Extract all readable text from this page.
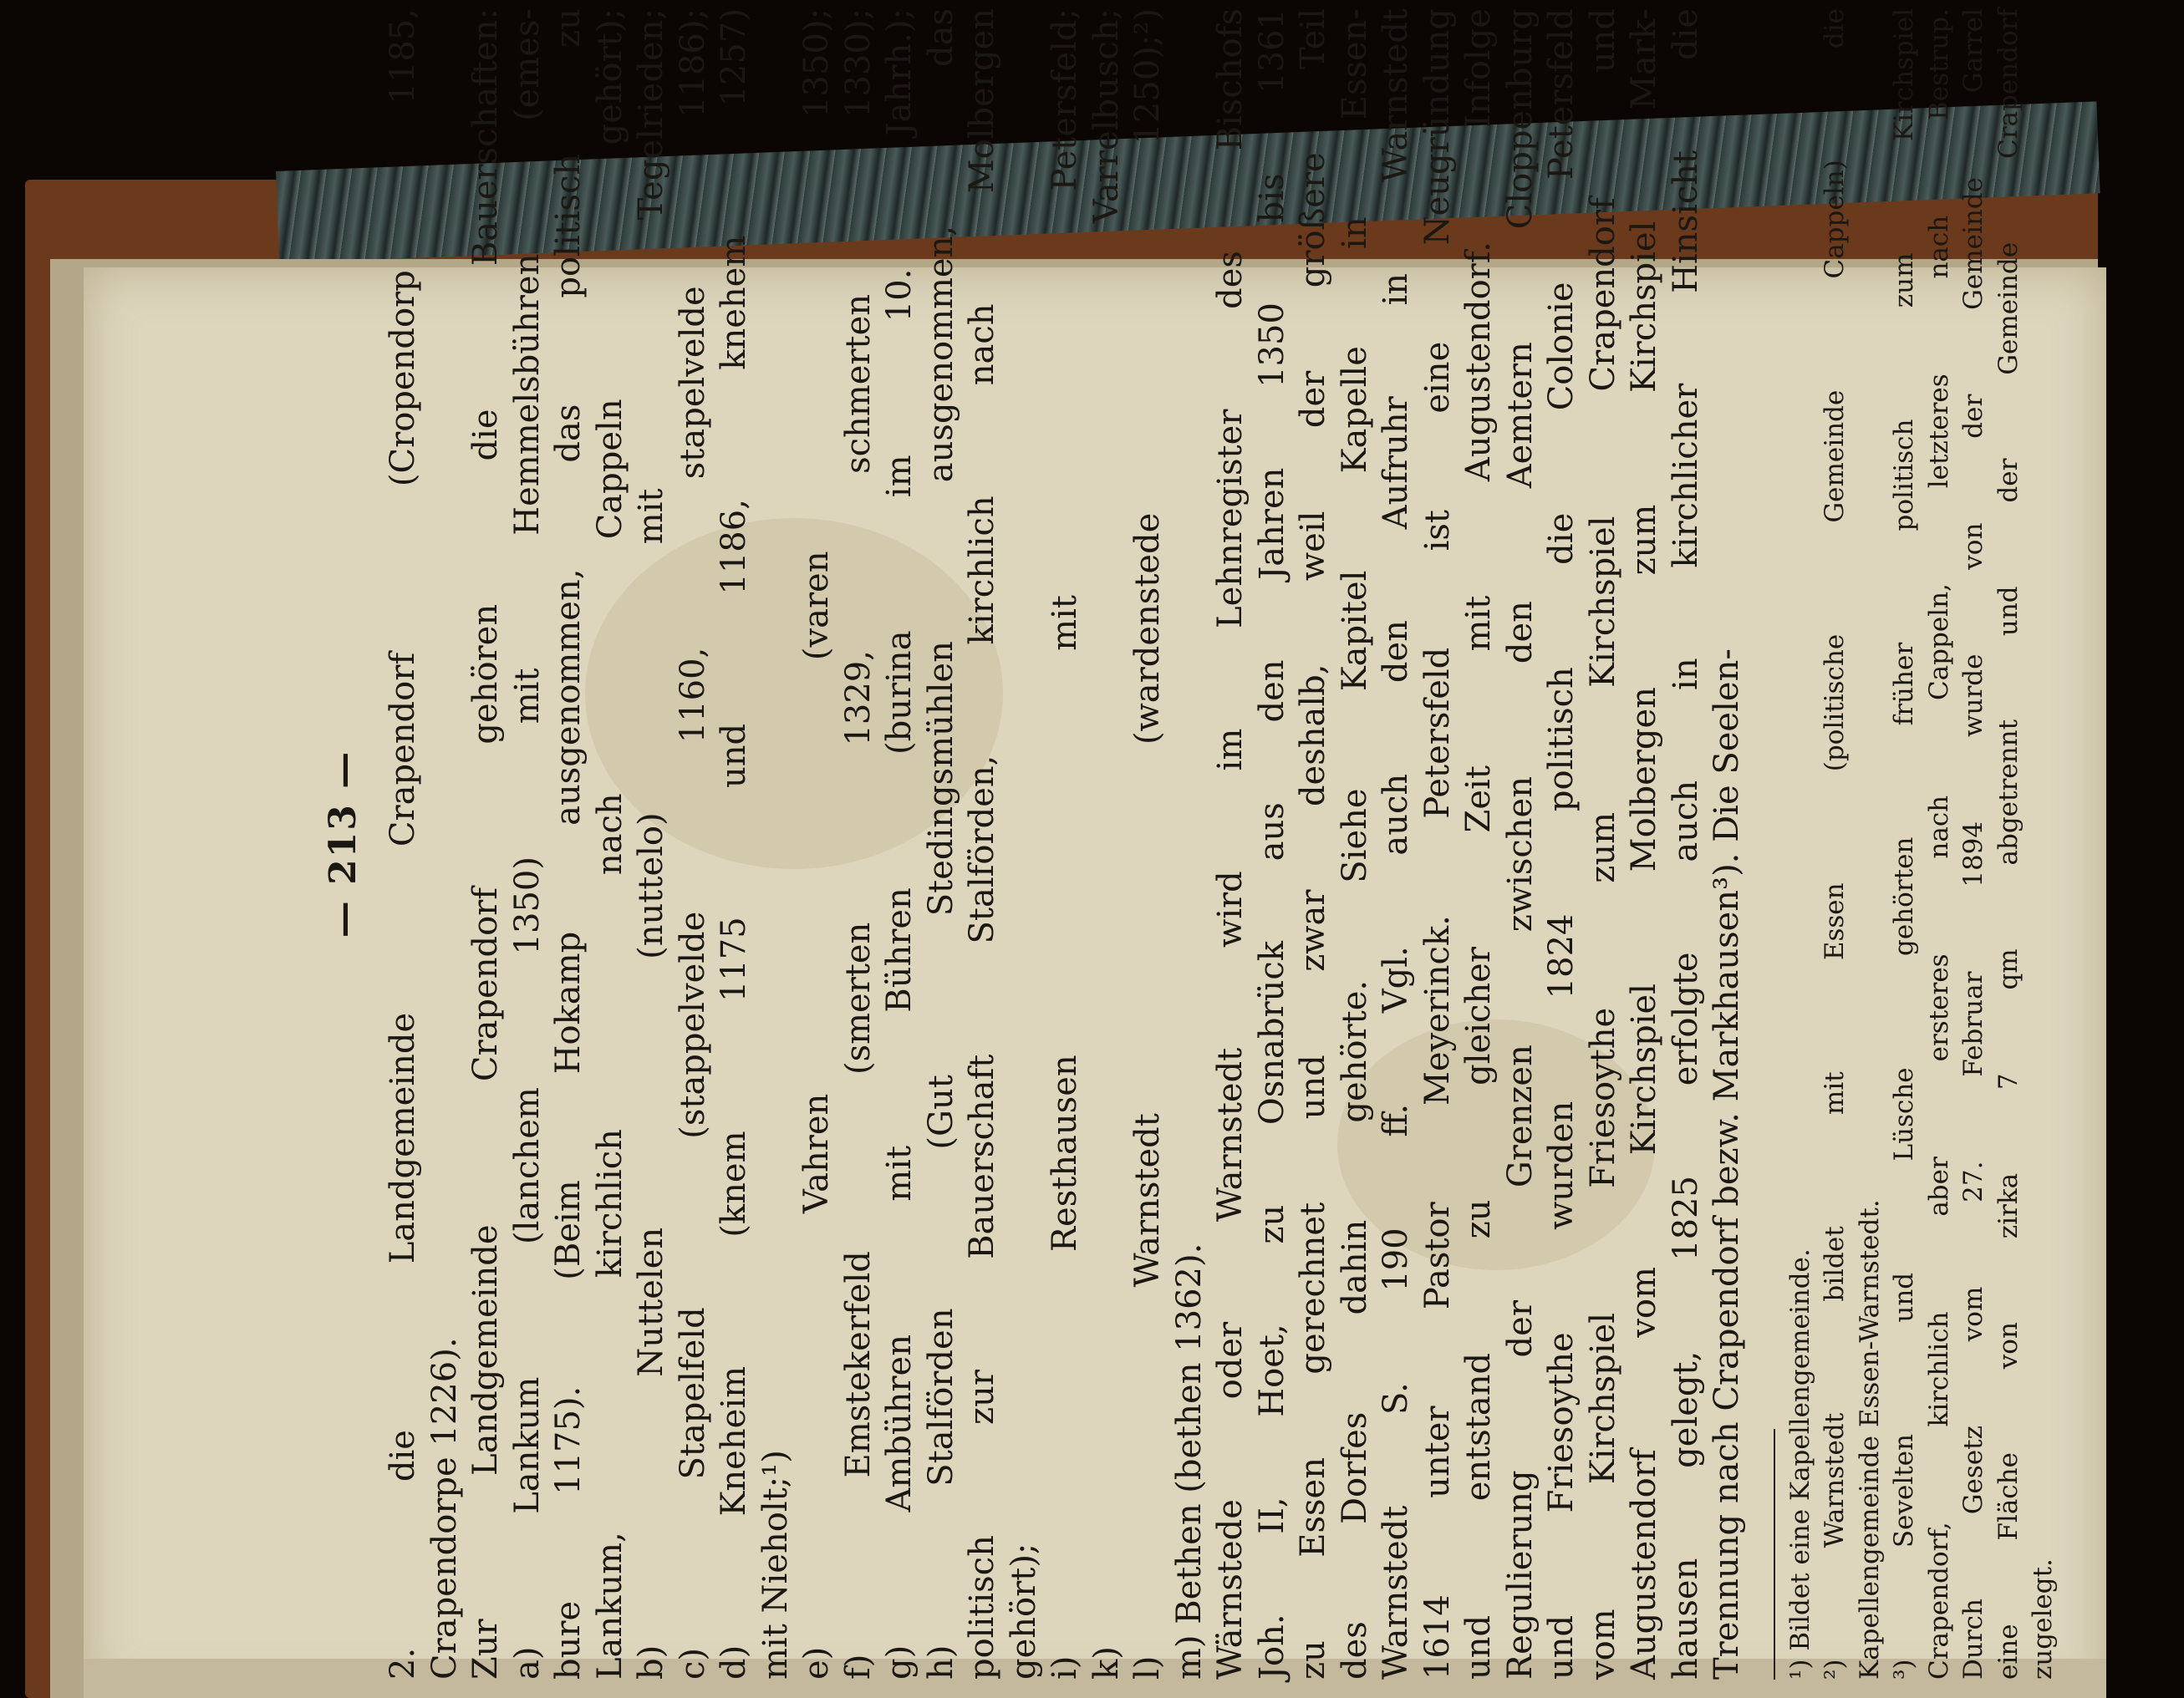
— 213 — 2. die Landgemeinde Crapendorf (Cropendorp 1185, Crapendorpe 1226). Zur Landgemeinde Crapendorf gehören die Bauerschaften: a) Lankum (lanchem 1350) mit Hemmelsbühren (emes- bure 1175). (Beim Hokamp ausgenommen, das politisch zu Lankum, kirchlich nach Cappeln gehört); b) Nuttelen (nuttelo) mit Tegelrieden; c) Stapelfeld (stappelvelde 1160, stapelvelde 1186); d) Kneheim (knem 1175 und 1186, knehem 1257) mit Nieholt;¹) e) Vahren (varen 1350); f) Emstekerfeld (smerten 1329, schmerten 1330); g) Ambühren mit Bühren (burina im 10. Jahrh.); h) Stalförden (Gut Stedingsmühlen ausgenommen, das politisch zur Bauerschaft Stalförden, kirchlich nach Molbergen gehört); i) Resthausen mit Petersfeld; k) Varrelbusch; l) Warnstedt (wardenstede 1250);²) m) Bethen (bethen 1362). Wärnstede oder Warnstedt wird im Lehnregister des Bischofs Joh. II, Hoet, zu Osnabrück aus den Jahren 1350 bis 1361 zu Essen gerechnet und zwar deshalb, weil der größere Teil des Dorfes dahin gehörte. Siehe Kapitel Kapelle in Essen- Warnstedt S. 190 ff. Vgl. auch den Aufruhr in Warnstedt 1614 unter Pastor Meyerinck. Petersfeld ist eine Neugründung und entstand zu gleicher Zeit mit Augustendorf. Infolge Regulierung der Grenzen zwischen den Aemtern Cloppenburg und Friesoythe wurden 1824 politisch die Colonie Petersfeld vom Kirchspiel Friesoythe zum Kirchspiel Crapendorf und Augustendorf vom Kirchspiel Molbergen zum Kirchspiel Mark- hausen gelegt, 1825 erfolgte auch in kirchlicher Hinsicht die Trennung nach Crapendorf bezw. Markhausen³). Die Seelen- ¹) Bildet eine Kapellengemeinde. ²) Warnstedt bildet mit Essen (politische Gemeinde Cappeln) die Kapellengemeinde Essen-Warnstedt. ³) Sevelten und Lüsche gehörten früher politisch zum Kirchspiel Crapendorf, kirchlich aber ersteres nach Cappeln, letzteres nach Bestrup. Durch Gesetz vom 27. Februar 1894 wurde von der Gemeinde Garrel eine Fläche von zirka 7 qm abgetrennt und der Gemeinde Crapendorf zugelegt.
